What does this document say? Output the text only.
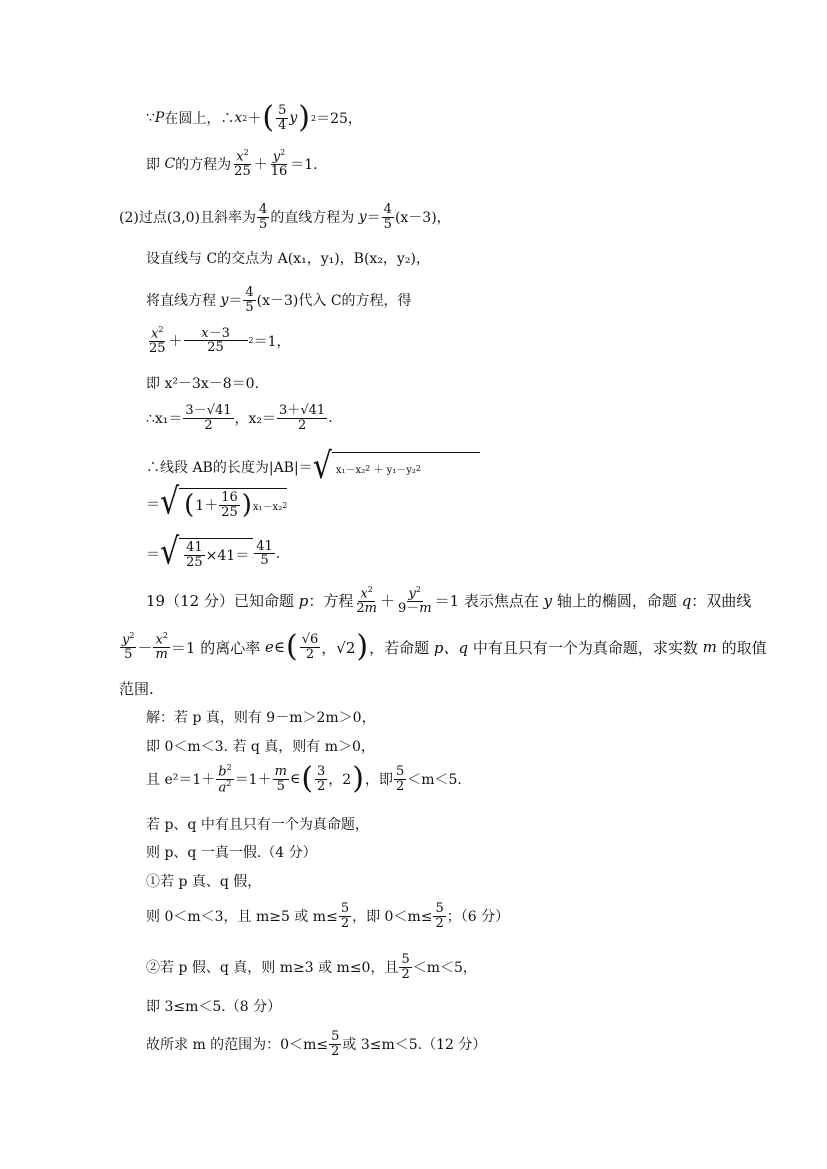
∵ P 在圆上，∴ x 2 ＋ ( $\frac{5}{4}$ y ) 2 ＝25，
即 C 的方程为 $\frac{x^2}{25} + \frac{y^2}{16} =1$.
(2)过点(3,0)且斜率为 $\frac{4}{5}$ 的直线方程为 $y = \frac{4}{5} (x-3)$，
设直线与 C的交点为 A(x₁，y₁)，B(x₂，y₂)，
将直线方程 $y = \frac{4}{5} (x-3)$代入 C的方程，得
$\frac{x^2}{25} + \frac{x-3}{25} 2 =1$，
即 x²－3x－8＝0.
∴x₁＝ $\frac{3-√41}{2}$ ，$x_2= \frac{3+√41}{2}$ .
∴线段 AB的长度为|AB|＝ √ x₁－x₂ 2 ＋ y₁－y₂ 2
＝ √ ( $1+ \frac{16}{25}$ ) x₁－x₂ 2
＝ √ $\frac{41}{25} \times 41= \frac{41}{5}$ .
19（12 分）已知命题 p ：方程 $\frac{x^2}{2m} + \frac{y^2}{9-m} =1$ 表示焦点在 y 轴上的椭圆，命题 q ：双曲线
$\frac{y^2}{5} - \frac{x^2}{m} =1$ 的离心率 e ∈ ( $\frac{√6}{2}$ ，√2 ) ，若命题 p、q 中有且只有一个为真命题，求实数 m 的取值
范围.
解：若 p 真，则有 9－m＞2m＞0，
即 0＜m＜3. 若 q 真，则有 m＞0，
且 $e^2=1+ \frac{b^2}{a^2} =1+ \frac{m}{5}$ ∈ ( $\frac{3}{2}$ ，2 ) ，即 $\frac{5}{2} <m<5$.
若 p、q 中有且只有一个为真命题，
则 p、q 一真一假.（4 分）
①若 p 真、q 假，
则 0＜m＜3，且 m≥5 或 $m\le \frac{5}{2}$ ，即 $0<m\le \frac{5}{2}$ ；（6 分）
②若 p 假、q 真，则 m≥3 或 m≤0，且 $\frac{5}{2} <m<5$，
即 3≤m＜5.（8 分）
故所求 m 的范围为：$0<m\le \frac{5}{2}$ 或 3≤m＜5.（12 分）
